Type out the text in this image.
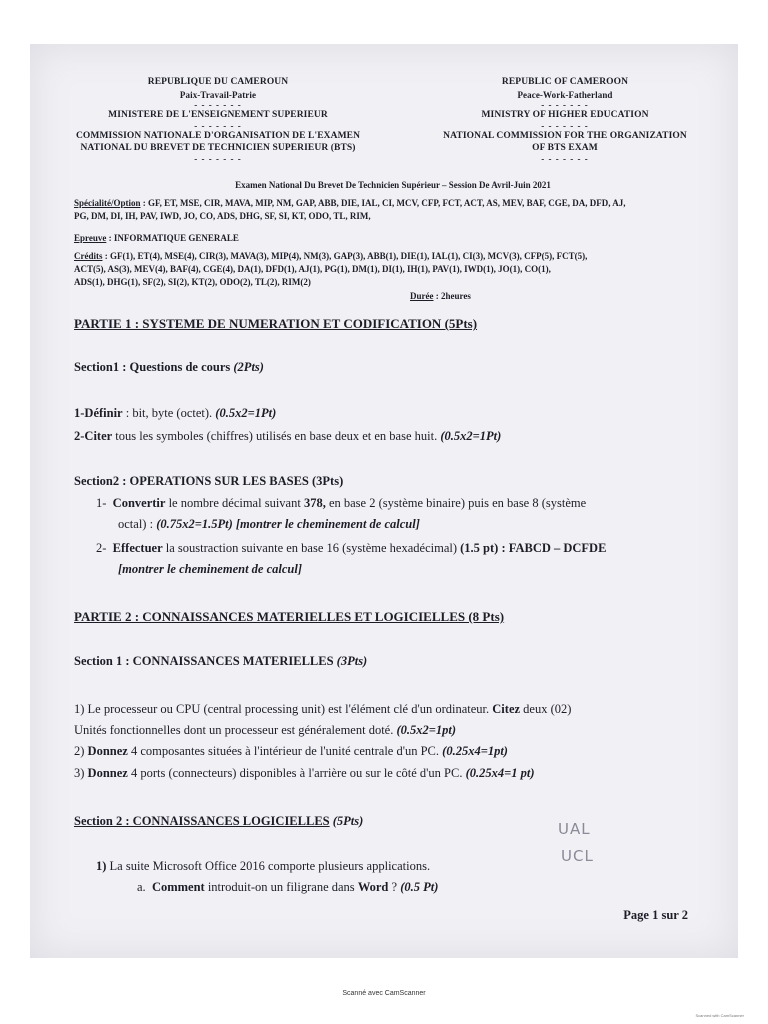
REPUBLIQUE DU CAMEROUN
Paix-Travail-Patrie
- - - - - - -
MINISTERE DE L'ENSEIGNEMENT SUPERIEUR
- - - - - - -
COMMISSION NATIONALE D'ORGANISATION DE L'EXAMEN
NATIONAL DU BREVET DE TECHNICIEN SUPERIEUR (BTS)
- - - - - - -
REPUBLIC OF CAMEROON
Peace-Work-Fatherland
- - - - - - -
MINISTRY OF HIGHER EDUCATION
- - - - - - -
NATIONAL COMMISSION FOR THE ORGANIZATION
OF BTS EXAM
- - - - - - -
Examen National Du Brevet De Technicien Supérieur – Session De Avril-Juin 2021
Spécialité/Option : GF, ET, MSE, CIR, MAVA, MIP, NM, GAP, ABB, DIE, IAL, CI, MCV, CFP, FCT, ACT, AS, MEV, BAF, CGE, DA, DFD, AJ,
PG, DM, DI, IH, PAV, IWD, JO, CO, ADS, DHG, SF, SI, KT, ODO, TL, RIM,
Epreuve : INFORMATIQUE GENERALE
Crédits : GF(1), ET(4), MSE(4), CIR(3), MAVA(3), MIP(4), NM(3), GAP(3), ABB(1), DIE(1), IAL(1), CI(3), MCV(3), CFP(5), FCT(5),
ACT(5), AS(3), MEV(4), BAF(4), CGE(4), DA(1), DFD(1), AJ(1), PG(1), DM(1), DI(1), IH(1), PAV(1), IWD(1), JO(1), CO(1),
ADS(1), DHG(1), SF(2), SI(2), KT(2), ODO(2), TL(2), RIM(2)
Durée : 2heures
PARTIE 1 : SYSTEME DE NUMERATION ET CODIFICATION (5Pts)
Section1 : Questions de cours (2Pts)
1-Définir : bit, byte (octet). (0.5x2=1Pt)
2-Citer tous les symboles (chiffres) utilisés en base deux et en base huit. (0.5x2=1Pt)
Section2 : OPERATIONS SUR LES BASES (3Pts)
1- Convertir le nombre décimal suivant 378, en base 2 (système binaire) puis en base 8 (système
octal) : (0.75x2=1.5Pt) [montrer le cheminement de calcul]
2- Effectuer la soustraction suivante en base 16 (système hexadécimal) (1.5 pt) : FABCD – DCFDE
[montrer le cheminement de calcul]
PARTIE 2 : CONNAISSANCES MATERIELLES ET LOGICIELLES (8 Pts)
Section 1 : CONNAISSANCES MATERIELLES (3Pts)
1) Le processeur ou CPU (central processing unit) est l'élément clé d'un ordinateur. Citez deux (02)
Unités fonctionnelles dont un processeur est généralement doté. (0.5x2=1pt)
2) Donnez 4 composantes situées à l'intérieur de l'unité centrale d'un PC. (0.25x4=1pt)
3) Donnez 4 ports (connecteurs) disponibles à l'arrière ou sur le côté d'un PC. (0.25x4=1 pt)
Section 2 : CONNAISSANCES LOGICIELLES (5Pts)
1) La suite Microsoft Office 2016 comporte plusieurs applications.
a. Comment introduit-on un filigrane dans Word ? (0.5 Pt)
UAL
UCL
Page 1 sur 2
Scanné avec CamScanner
Scanned with CamScanner
